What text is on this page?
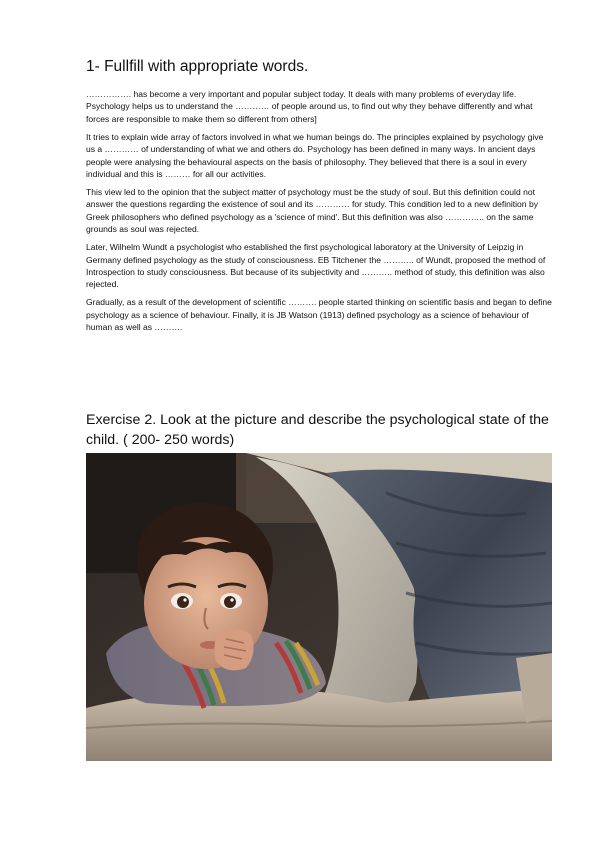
1- Fullfill with appropriate words.

……………. has become a very important and popular subject today. It deals with many problems of everyday life. Psychology helps us to understand the ………… of people around us, to find out why they behave differently and what forces are responsible to make them so different from others]

It tries to explain wide array of factors involved in what we human beings do. The principles explained by psychology give us a ………… of understanding of what we and others do. Psychology has been defined in many ways. In ancient days people were analysing the behavioural aspects on the basis of philosophy. They believed that there is a soul in every individual and this is ……… for all our activities.

This view led to the opinion that the subject matter of psychology must be the study of soul. But this definition could not answer the questions regarding the existence of soul and its ………… for study. This condition led to a new definition by Greek philosophers who defined psychology as a 'science of mind'. But this definition was also ………….. on the same grounds as soul was rejected.

Later, Wilhelm Wundt a psychologist who established the first psychological laboratory at the University of Leipzig in Germany defined psychology as the study of consciousness. EB Titchener the ……….. of Wundt, proposed the method of Introspection to study consciousness. But because of its subjectivity and ……….. method of study, this definition was also rejected.

Gradually, as a result of the development of scientific ………. people started thinking on scientific basis and began to define psychology as a science of behaviour. Finally, it is JB Watson (1913) defined psychology as a science of behaviour of human as well as ……….

Exercise 2. Look at the picture and describe the psychological state of the child. ( 200- 250 words)
